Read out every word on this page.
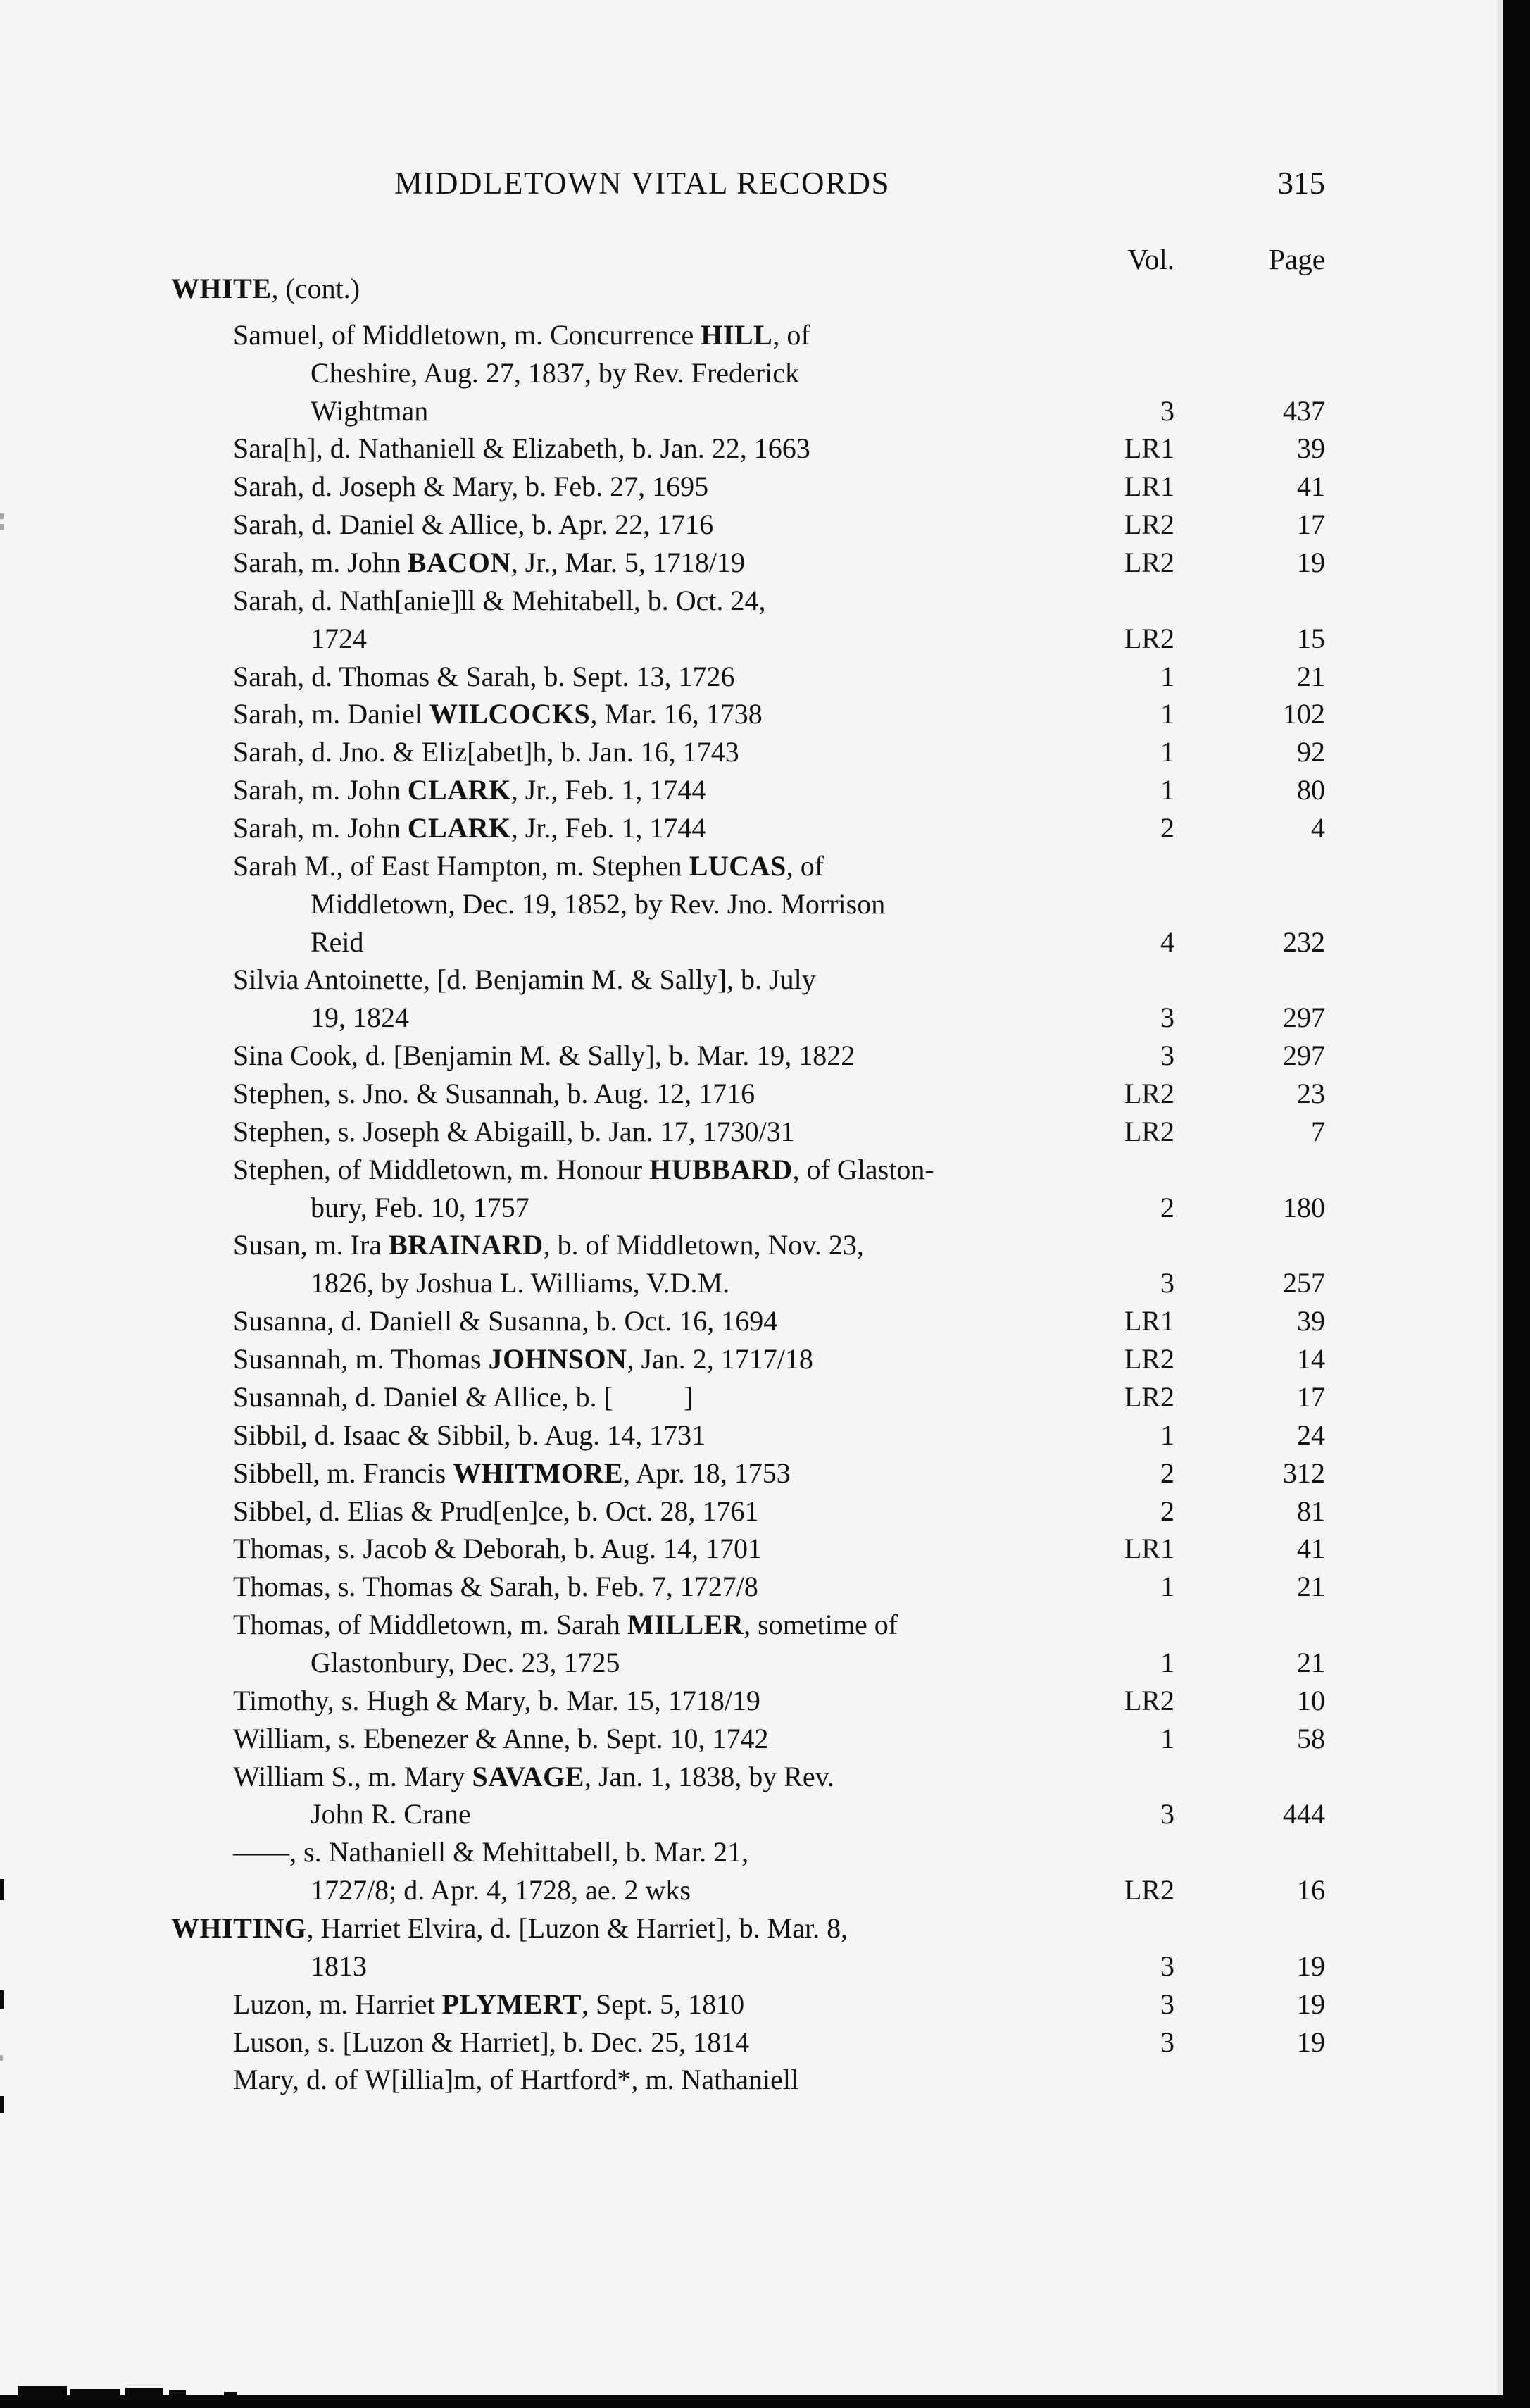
MIDDLETOWN VITAL RECORDS	315
Vol.	Page
WHITE, (cont.)
Samuel, of Middletown, m. Concurrence HILL, of
Cheshire, Aug. 27, 1837, by Rev. Frederick
Wightman	3	437
Sara[h], d. Nathaniell & Elizabeth, b. Jan. 22, 1663	LR1	39
Sarah, d. Joseph & Mary, b. Feb. 27, 1695	LR1	41
Sarah, d. Daniel & Allice, b. Apr. 22, 1716	LR2	17
Sarah, m. John BACON, Jr., Mar. 5, 1718/19	LR2	19
Sarah, d. Nath[anie]ll & Mehitabell, b. Oct. 24,
1724	LR2	15
Sarah, d. Thomas & Sarah, b. Sept. 13, 1726	1	21
Sarah, m. Daniel WILCOCKS, Mar. 16, 1738	1	102
Sarah, d. Jno. & Eliz[abet]h, b. Jan. 16, 1743	1	92
Sarah, m. John CLARK, Jr., Feb. 1, 1744	1	80
Sarah, m. John CLARK, Jr., Feb. 1, 1744	2	4
Sarah M., of East Hampton, m. Stephen LUCAS, of
Middletown, Dec. 19, 1852, by Rev. Jno. Morrison
Reid	4	232
Silvia Antoinette, [d. Benjamin M. & Sally], b. July
19, 1824	3	297
Sina Cook, d. [Benjamin M. & Sally], b. Mar. 19, 1822	3	297
Stephen, s. Jno. & Susannah, b. Aug. 12, 1716	LR2	23
Stephen, s. Joseph & Abigaill, b. Jan. 17, 1730/31	LR2	7
Stephen, of Middletown, m. Honour HUBBARD, of Glaston-
bury, Feb. 10, 1757	2	180
Susan, m. Ira BRAINARD, b. of Middletown, Nov. 23,
1826, by Joshua L. Williams, V.D.M.	3	257
Susanna, d. Daniell & Susanna, b. Oct. 16, 1694	LR1	39
Susannah, m. Thomas JOHNSON, Jan. 2, 1717/18	LR2	14
Susannah, d. Daniel & Allice, b. [          ]	LR2	17
Sibbil, d. Isaac & Sibbil, b. Aug. 14, 1731	1	24
Sibbell, m. Francis WHITMORE, Apr. 18, 1753	2	312
Sibbel, d. Elias & Prud[en]ce, b. Oct. 28, 1761	2	81
Thomas, s. Jacob & Deborah, b. Aug. 14, 1701	LR1	41
Thomas, s. Thomas & Sarah, b. Feb. 7, 1727/8	1	21
Thomas, of Middletown, m. Sarah MILLER, sometime of
Glastonbury, Dec. 23, 1725	1	21
Timothy, s. Hugh & Mary, b. Mar. 15, 1718/19	LR2	10
William, s. Ebenezer & Anne, b. Sept. 10, 1742	1	58
William S., m. Mary SAVAGE, Jan. 1, 1838, by Rev.
John R. Crane	3	444
——, s. Nathaniell & Mehittabell, b. Mar. 21,
1727/8; d. Apr. 4, 1728, ae. 2 wks	LR2	16
WHITING, Harriet Elvira, d. [Luzon & Harriet], b. Mar. 8,
1813	3	19
Luzon, m. Harriet PLYMERT, Sept. 5, 1810	3	19
Luson, s. [Luzon & Harriet], b. Dec. 25, 1814	3	19
Mary, d. of W[illia]m, of Hartford*, m. Nathaniell
